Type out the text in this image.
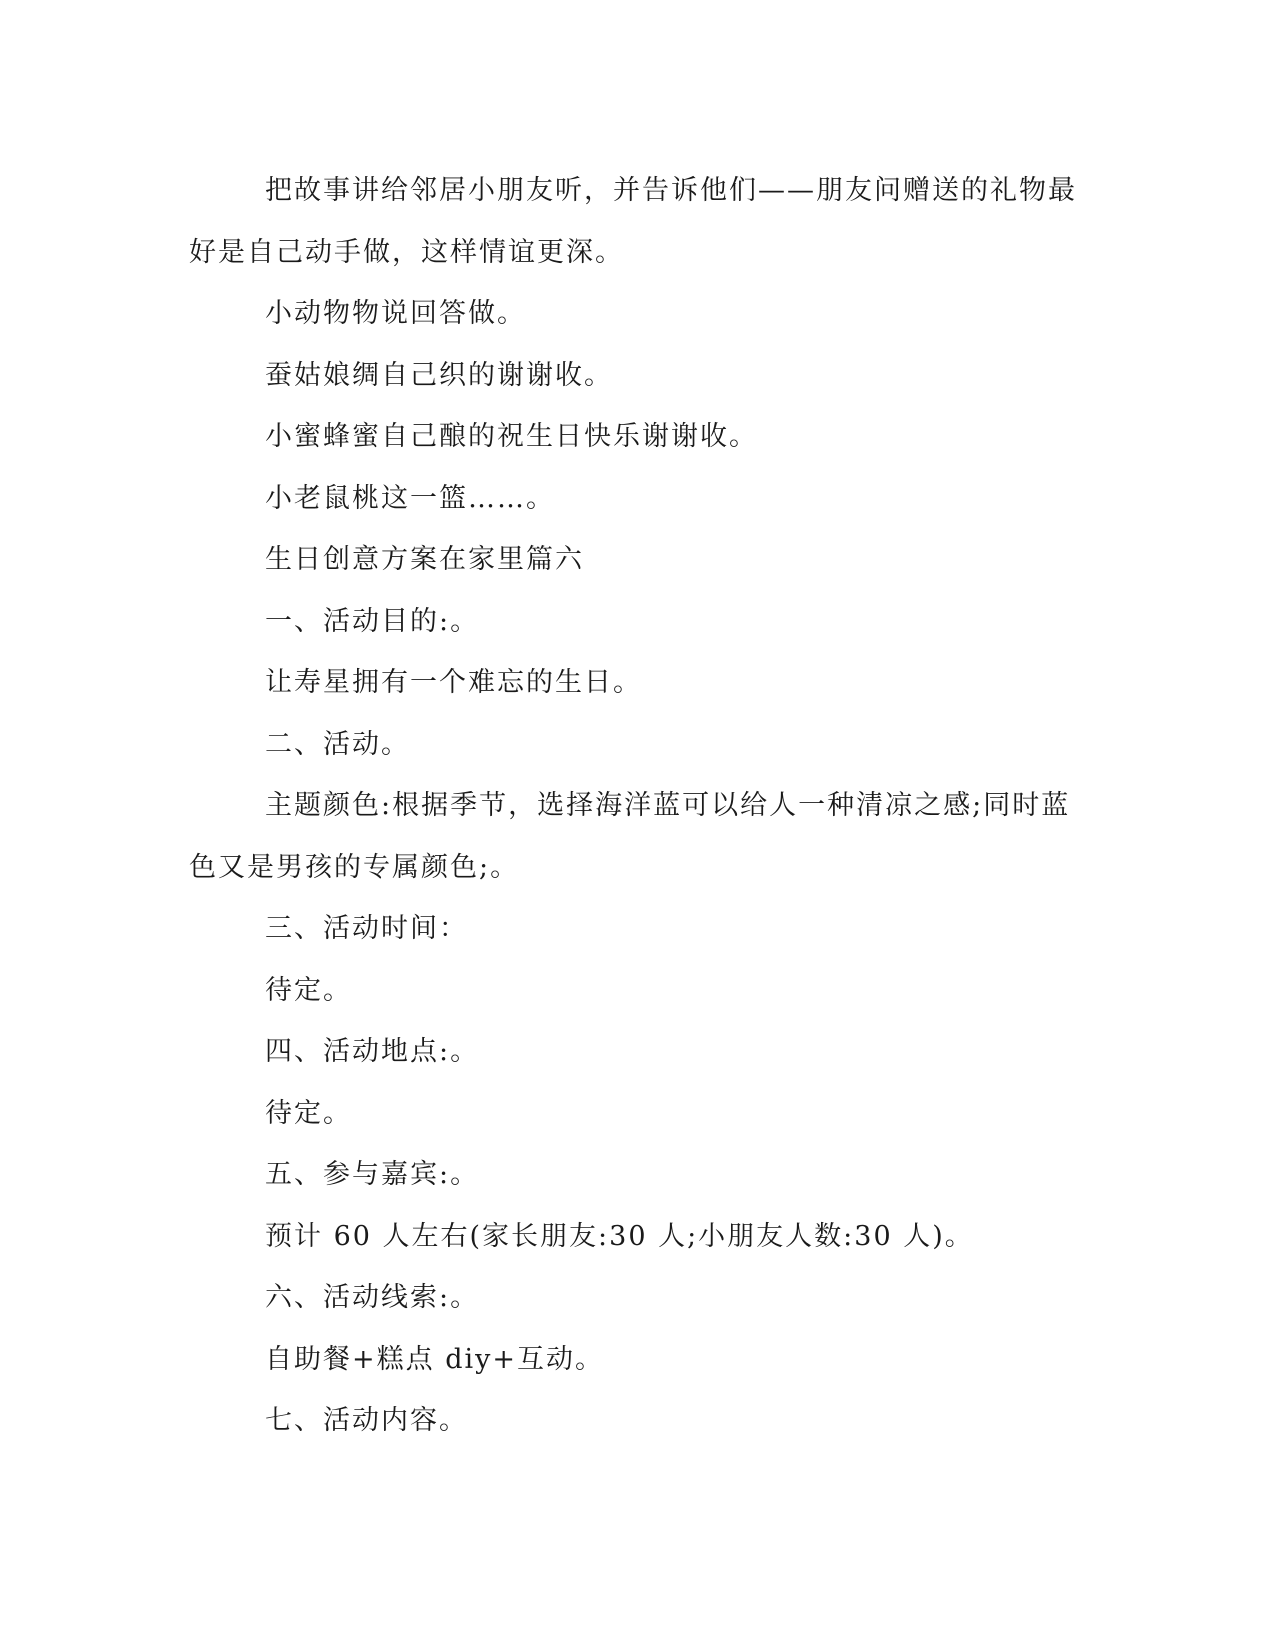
把故事讲给邻居小朋友听，并告诉他们——朋友问赠送的礼物最好是自己动手做，这样情谊更深。

小动物物说回答做。

蚕姑娘绸自己织的谢谢收。

小蜜蜂蜜自己酿的祝生日快乐谢谢收。

小老鼠桃这一篮……。

生日创意方案在家里篇六

一、活动目的:。

让寿星拥有一个难忘的生日。

二、活动。

主题颜色:根据季节，选择海洋蓝可以给人一种清凉之感;同时蓝色又是男孩的专属颜色;。

三、活动时间：

待定。

四、活动地点:。

待定。

五、参与嘉宾:。

预计 60 人左右(家长朋友:30 人;小朋友人数:30 人)。

六、活动线索:。

自助餐+糕点 diy+互动。

七、活动内容。
